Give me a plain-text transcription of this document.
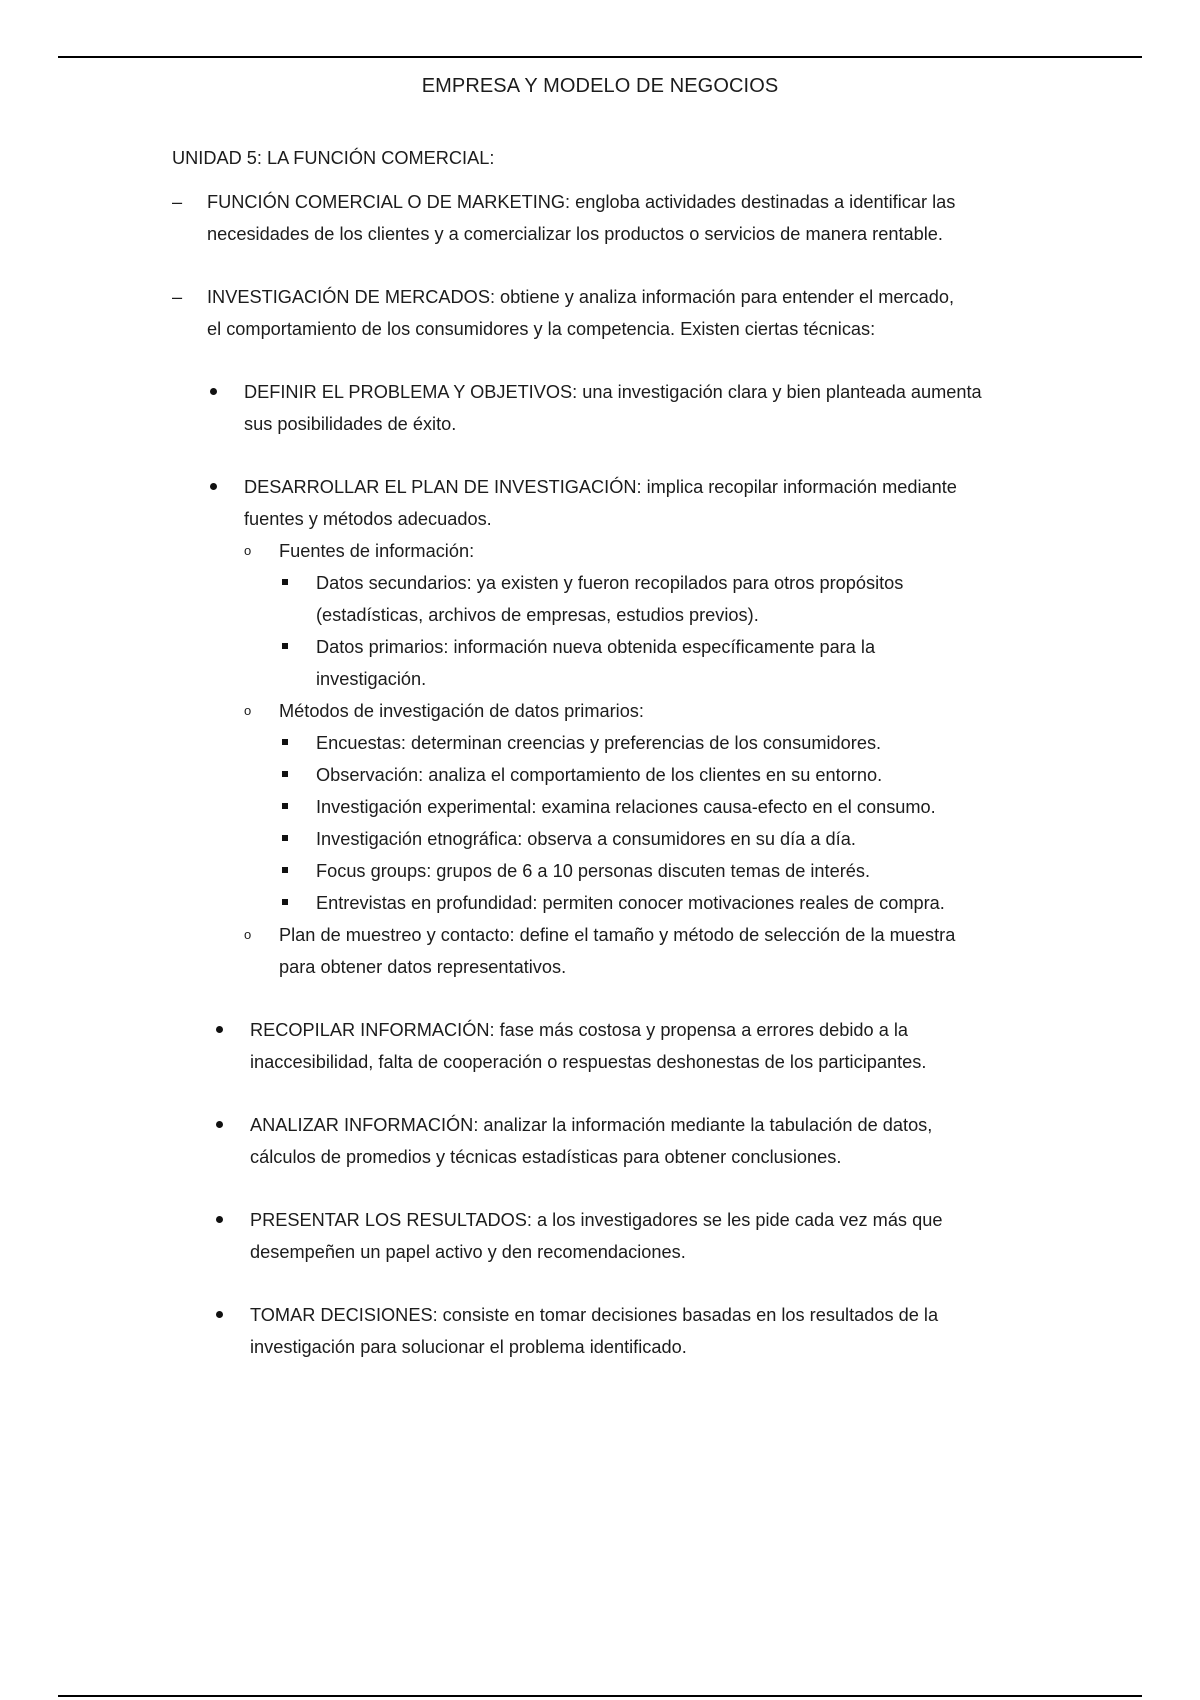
EMPRESA Y MODELO DE NEGOCIOS
UNIDAD 5: LA FUNCIÓN COMERCIAL:
–	FUNCIÓN COMERCIAL O DE MARKETING: engloba actividades destinadas a identificar las
necesidades de los clientes y a comercializar los productos o servicios de manera rentable.
–	INVESTIGACIÓN DE MERCADOS: obtiene y analiza información para entender el mercado,
el comportamiento de los consumidores y la competencia. Existen ciertas técnicas:
DEFINIR EL PROBLEMA Y OBJETIVOS: una investigación clara y bien planteada aumenta
sus posibilidades de éxito.
DESARROLLAR EL PLAN DE INVESTIGACIÓN: implica recopilar información mediante
fuentes y métodos adecuados.
o Fuentes de información:
Datos secundarios: ya existen y fueron recopilados para otros propósitos
(estadísticas, archivos de empresas, estudios previos).
Datos primarios: información nueva obtenida específicamente para la
investigación.
o Métodos de investigación de datos primarios:
Encuestas: determinan creencias y preferencias de los consumidores.
Observación: analiza el comportamiento de los clientes en su entorno.
Investigación experimental: examina relaciones causa-efecto en el consumo.
Investigación etnográfica: observa a consumidores en su día a día.
Focus groups: grupos de 6 a 10 personas discuten temas de interés.
Entrevistas en profundidad: permiten conocer motivaciones reales de compra.
o Plan de muestreo y contacto: define el tamaño y método de selección de la muestra
para obtener datos representativos.
RECOPILAR INFORMACIÓN: fase más costosa y propensa a errores debido a la
inaccesibilidad, falta de cooperación o respuestas deshonestas de los participantes.
ANALIZAR INFORMACIÓN: analizar la información mediante la tabulación de datos,
cálculos de promedios y técnicas estadísticas para obtener conclusiones.
PRESENTAR LOS RESULTADOS: a los investigadores se les pide cada vez más que
desempeñen un papel activo y den recomendaciones.
TOMAR DECISIONES: consiste en tomar decisiones basadas en los resultados de la
investigación para solucionar el problema identificado.
